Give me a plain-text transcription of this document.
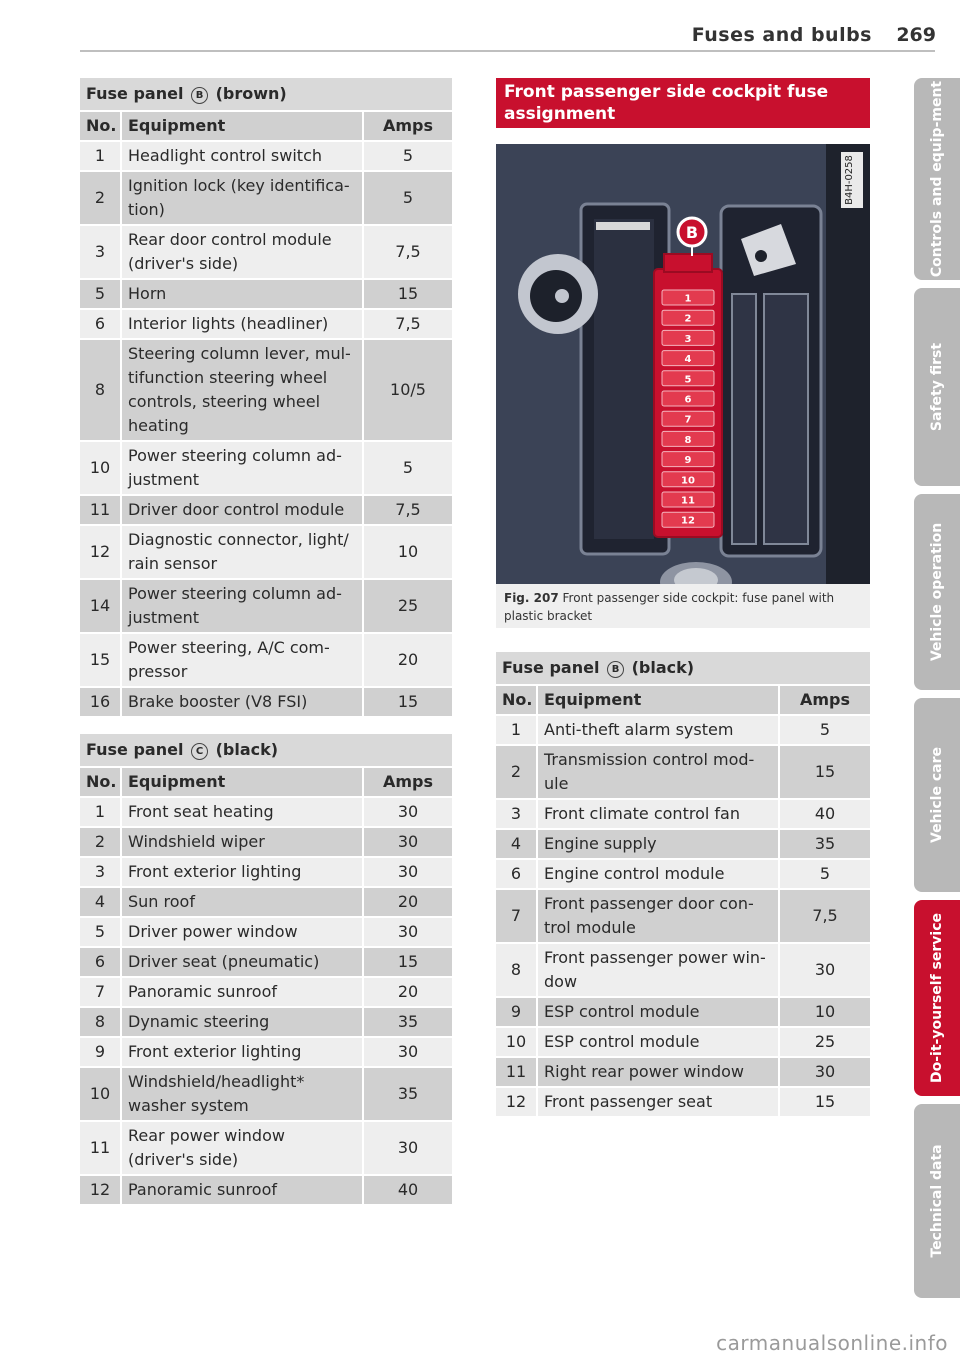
Fuses and bulbs 269
Fuse panel B (brown)		
No.	Equipment	Amps
1	Headlight control switch	5
2	Ignition lock (key identifica-tion)	5
3	Rear door control module (driver's side)	7,5
5	Horn	15
6	Interior lights (headliner)	7,5
8	Steering column lever, mul-tifunction steering wheel controls, steering wheel heating	10/5
10	Power steering column ad-justment	5
11	Driver door control module	7,5
12	Diagnostic connector, light/ rain sensor	10
14	Power steering column ad-justment	25
15	Power steering, A/C com-pressor	20
16	Brake booster (V8 FSI)	15
Fuse panel C (black)		
No.	Equipment	Amps
1	Front seat heating	30
2	Windshield wiper	30
3	Front exterior lighting	30
4	Sun roof	20
5	Driver power window	30
6	Driver seat (pneumatic)	15
7	Panoramic sunroof	20
8	Dynamic steering	35
9	Front exterior lighting	30
10	Windshield/headlight* washer system	35
11	Rear power window (driver's side)	30
12	Panoramic sunroof	40
Front passenger side cockpit fuse assignment
B4H-0258
1
2
3
4
5
6
7
8
9
10
11
12
B
Fig. 207 Front passenger side cockpit: fuse panel with plastic bracket
Fuse panel B (black)		
No.	Equipment	Amps
1	Anti-theft alarm system	5
2	Transmission control mod-ule	15
3	Front climate control fan	40
4	Engine supply	35
6	Engine control module	5
7	Front passenger door con-trol module	7,5
8	Front passenger power win-dow	30
9	ESP control module	10
10	ESP control module	25
11	Right rear power window	30
12	Front passenger seat	15
Controls and equip-ment
Safety first
Vehicle operation
Vehicle care
Do-it-yourself service
Technical data
carmanualsonline.info
